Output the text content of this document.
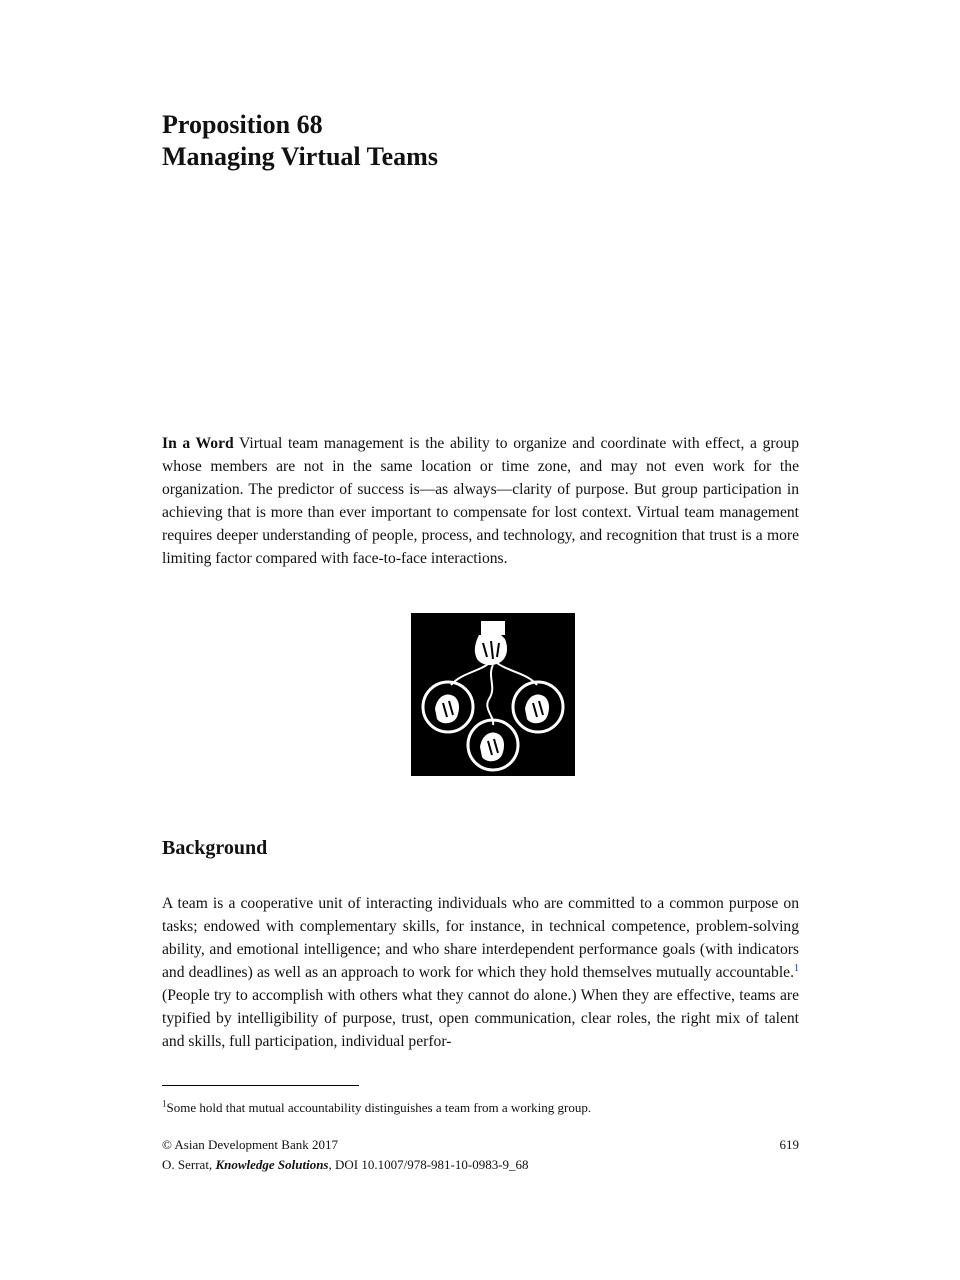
Proposition 68
Managing Virtual Teams

In a Word Virtual team management is the ability to organize and coordinate with effect, a group whose members are not in the same location or time zone, and may not even work for the organization. The predictor of success is—as always—clarity of purpose. But group participation in achieving that is more than ever important to compensate for lost context. Virtual team management requires deeper understanding of people, process, and technology, and recognition that trust is a more limiting factor compared with face-to-face interactions.

Background

A team is a cooperative unit of interacting individuals who are committed to a common purpose on tasks; endowed with complementary skills, for instance, in technical competence, problem-solving ability, and emotional intelligence; and who share interdependent performance goals (with indicators and deadlines) as well as an approach to work for which they hold themselves mutually accountable.$^1$ (People try to accomplish with others what they cannot do alone.) When they are effective, teams are typified by intelligibility of purpose, trust, open communication, clear roles, the right mix of talent and skills, full participation, individual perfor-

$^1$Some hold that mutual accountability distinguishes a team from a working group.

© Asian Development Bank 2017	619
O. Serrat, Knowledge Solutions, DOI 10.1007/978-981-10-0983-9_68
